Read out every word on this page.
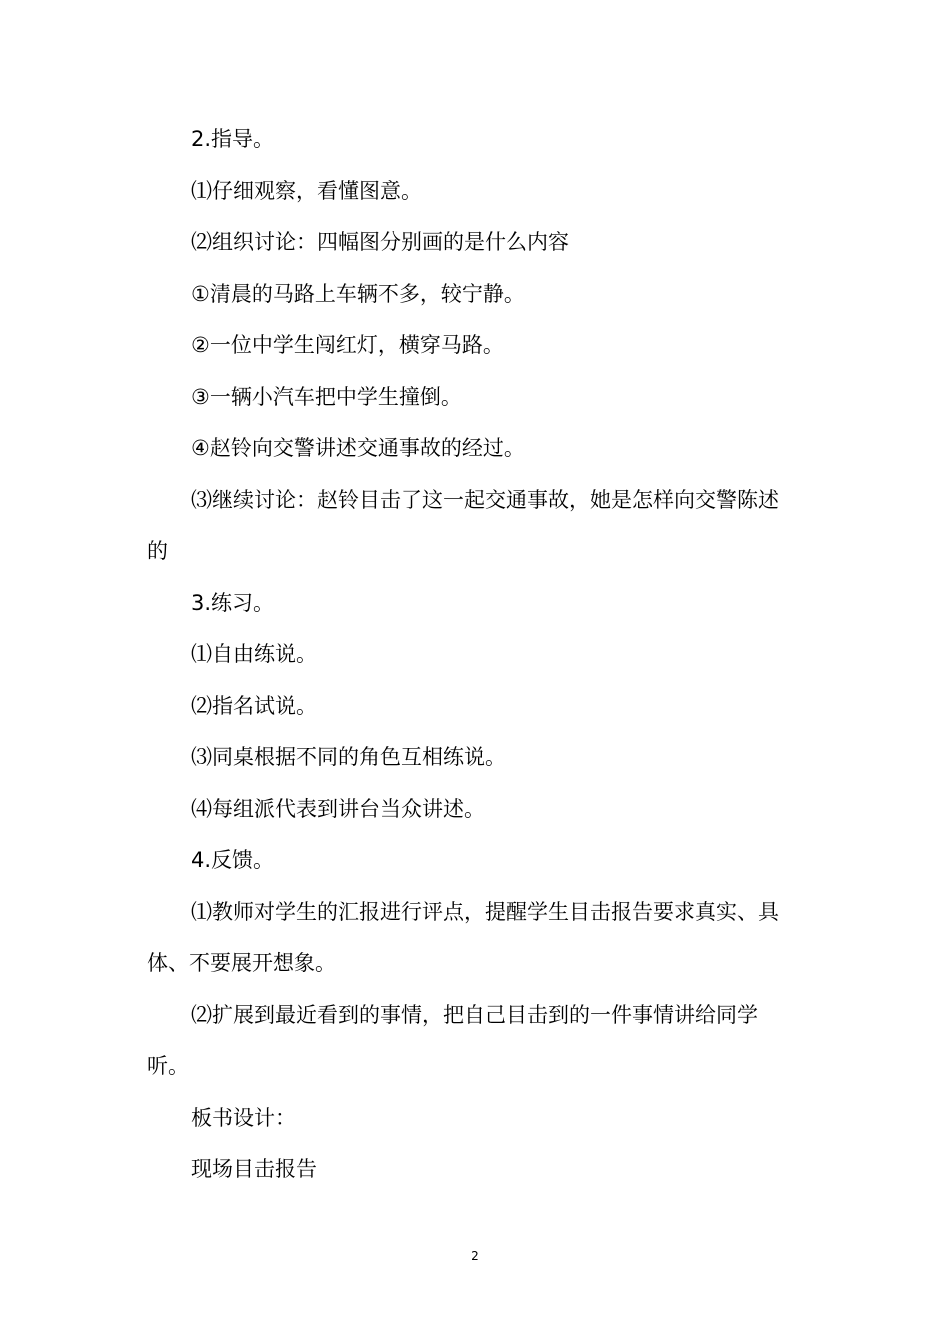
2.指导。

⑴仔细观察，看懂图意。

⑵组织讨论：四幅图分别画的是什么内容

①清晨的马路上车辆不多，较宁静。

②一位中学生闯红灯，横穿马路。

③一辆小汽车把中学生撞倒。

④赵铃向交警讲述交通事故的经过。

⑶继续讨论：赵铃目击了这一起交通事故，她是怎样向交警陈述的

3.练习。

⑴自由练说。

⑵指名试说。

⑶同桌根据不同的角色互相练说。

⑷每组派代表到讲台当众讲述。

4.反馈。

⑴教师对学生的汇报进行评点，提醒学生目击报告要求真实、具体、不要展开想象。

⑵扩展到最近看到的事情，把自己目击到的一件事情讲给同学听。

板书设计：

现场目击报告

2
